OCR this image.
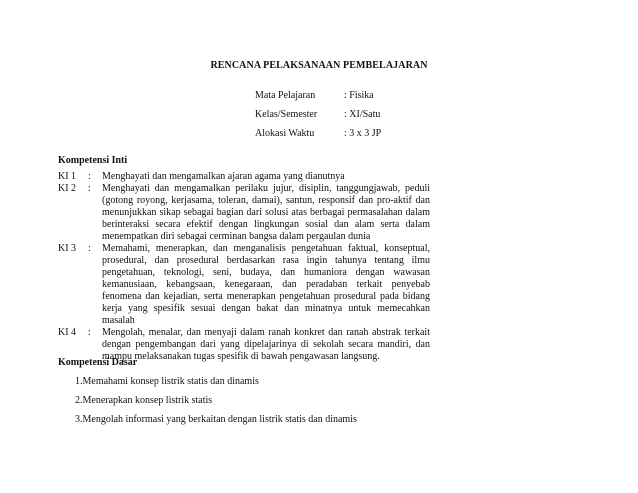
RENCANA PELAKSANAAN PEMBELAJARAN
Mata Pelajaran	: Fisika
Kelas/Semester	: XI/Satu
Alokasi Waktu	: 3 x 3 JP
Kompetensi Inti
KI 1	:	Menghayati dan mengamalkan ajaran agama yang dianutnya
KI 2	:	Menghayati dan mengamalkan perilaku jujur, disiplin, tanggungjawab, peduli (gotong royong, kerjasama, toleran, damai), santun, responsif dan pro-aktif dan menunjukkan sikap sebagai bagian dari solusi atas berbagai permasalahan dalam berinteraksi secara efektif dengan lingkungan sosial dan alam serta dalam menempatkan diri sebagai cerminan bangsa dalam pergaulan dunia
KI 3	:	Memahami, menerapkan, dan menganalisis pengetahuan faktual, konseptual, prosedural, dan prosedural berdasarkan rasa ingin tahunya tentang ilmu pengetahuan, teknologi, seni, budaya, dan humaniora dengan wawasan kemanusiaan, kebangsaan, kenegaraan, dan peradaban terkait penyebab fenomena dan kejadian, serta menerapkan pengetahuan prosedural pada bidang kerja yang spesifik sesuai dengan bakat dan minatnya untuk memecahkan masalah
KI 4	:	Mengolah, menalar, dan menyaji dalam ranah konkret dan ranah abstrak terkait dengan pengembangan dari yang dipelajarinya di sekolah secara mandiri, dan mampu melaksanakan tugas spesifik di bawah pengawasan langsung.
Kompetensi Dasar
1.Memahami konsep listrik statis dan dinamis
2.Menerapkan konsep listrik statis
3.Mengolah informasi yang berkaitan dengan listrik statis dan dinamis
